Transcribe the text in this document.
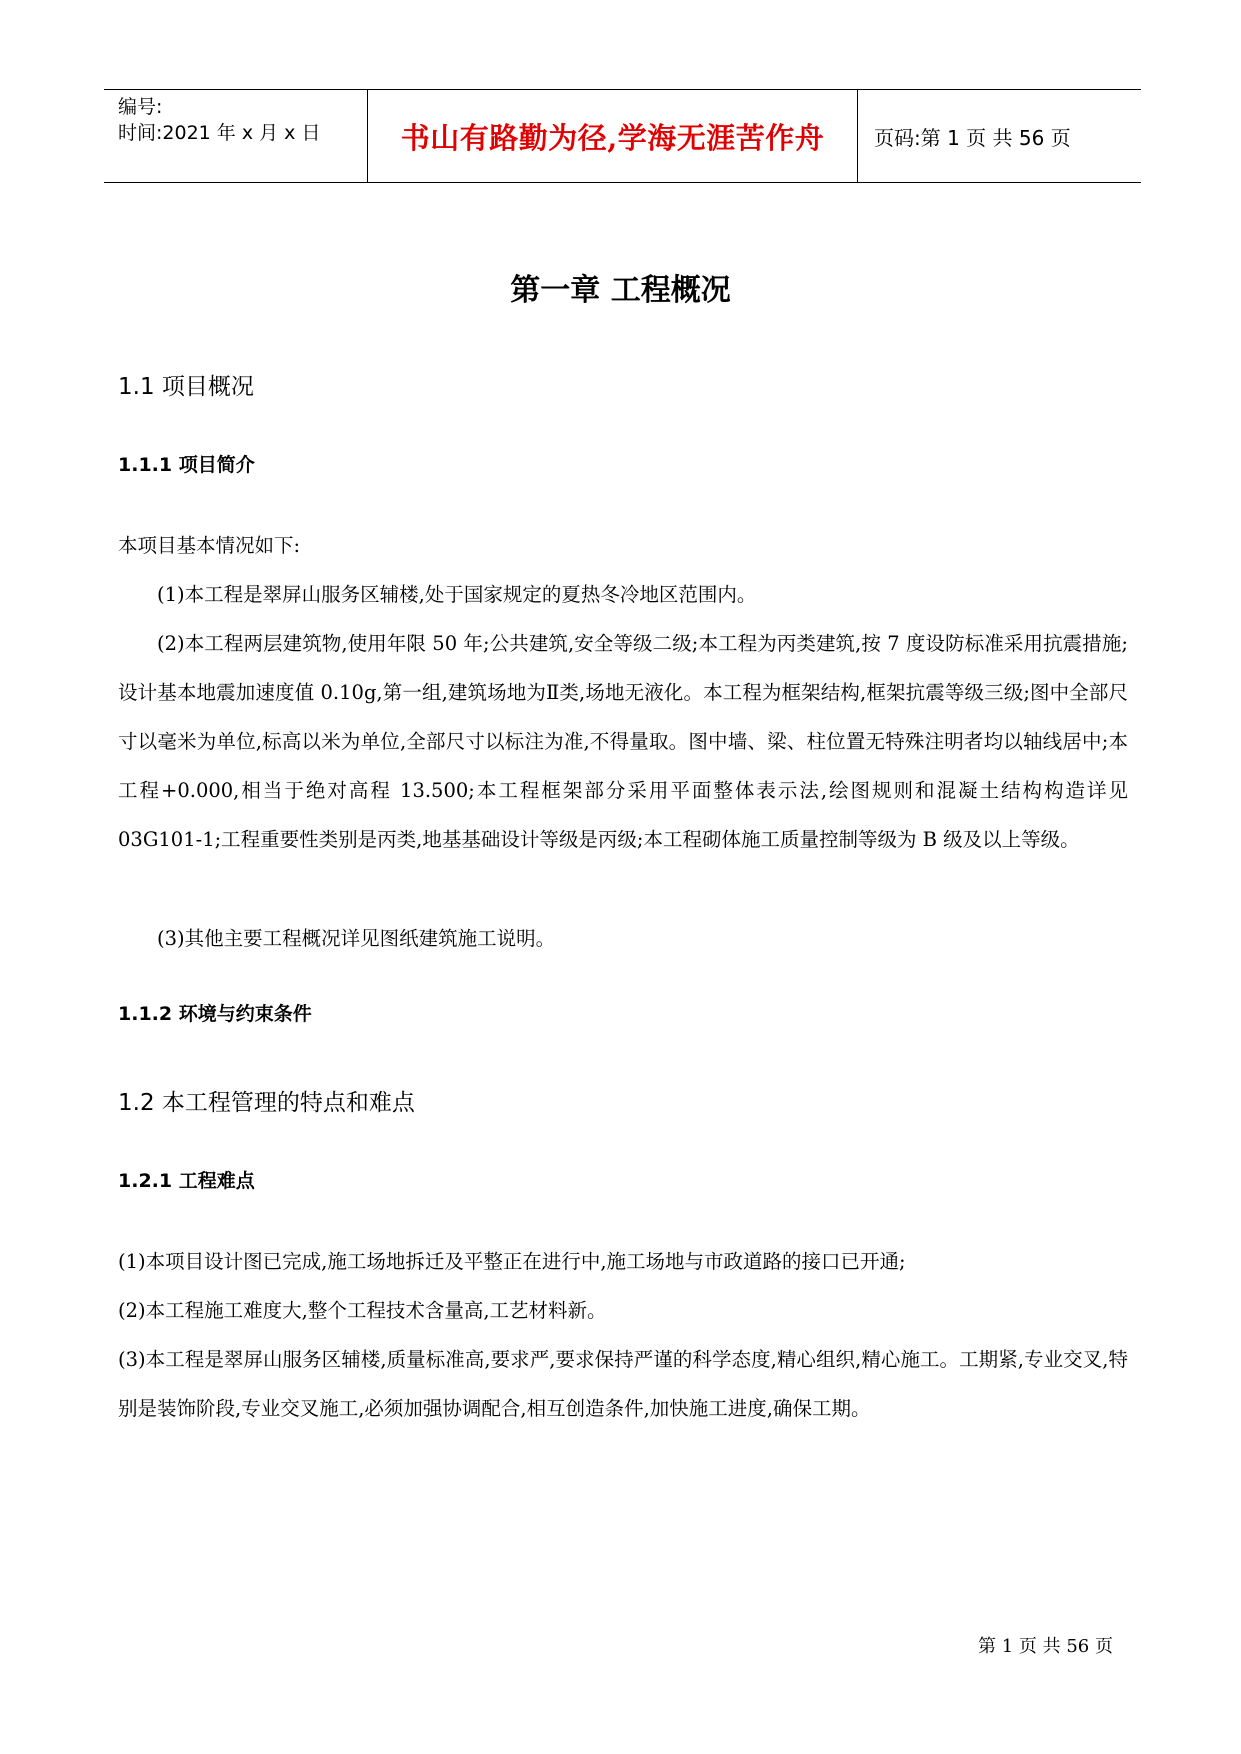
编号:
时间:2021 年 x 月 x 日	书山有路勤为径,学海无涯苦作舟	页码:第 1 页 共 56 页
第一章 工程概况
1.1 项目概况
1.1.1 项目简介
本项目基本情况如下:
(1)本工程是翠屏山服务区辅楼,处于国家规定的夏热冬冷地区范围内。
(2)本工程两层建筑物,使用年限 50 年;公共建筑,安全等级二级;本工程为丙类建筑,按 7 度设防标准采用抗震措施;设计基本地震加速度值 0.10g,第一组,建筑场地为Ⅱ类,场地无液化。本工程为框架结构,框架抗震等级三级;图中全部尺寸以毫米为单位,标高以米为单位,全部尺寸以标注为准,不得量取。图中墙、梁、柱位置无特殊注明者均以轴线居中;本工程+0.000,相当于绝对高程 13.500;本工程框架部分采用平面整体表示法,绘图规则和混凝土结构构造详见 03G101-1;工程重要性类别是丙类,地基基础设计等级是丙级;本工程砌体施工质量控制等级为 B 级及以上等级。
(3)其他主要工程概况详见图纸建筑施工说明。
1.1.2 环境与约束条件
1.2 本工程管理的特点和难点
1.2.1 工程难点
(1)本项目设计图已完成,施工场地拆迁及平整正在进行中,施工场地与市政道路的接口已开通;
(2)本工程施工难度大,整个工程技术含量高,工艺材料新。
(3)本工程是翠屏山服务区辅楼,质量标准高,要求严,要求保持严谨的科学态度,精心组织,精心施工。工期紧,专业交叉,特别是装饰阶段,专业交叉施工,必须加强协调配合,相互创造条件,加快施工进度,确保工期。
第 1 页 共 56 页
